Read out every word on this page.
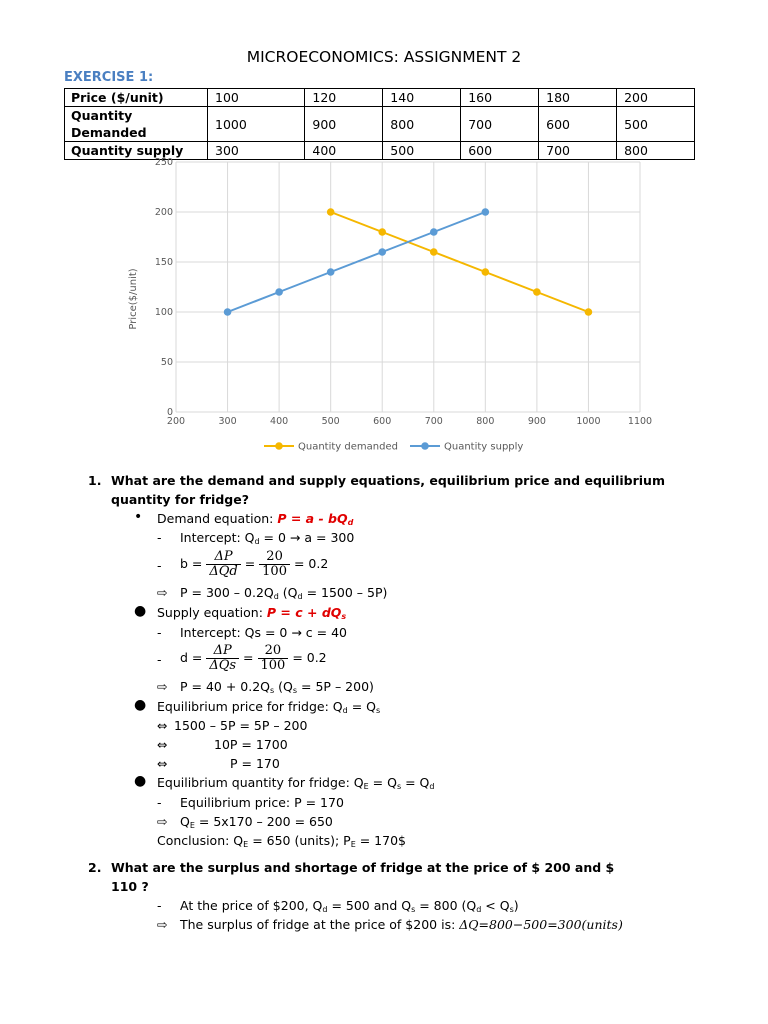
MICROECONOMICS: ASSIGNMENT 2
EXERCISE 1:
Price ($/unit)	100	120	140	160	180	200
Quantity Demanded	1000	900	800	700	600	500
Quantity supply	300	400	500	600	700	800
0
50
100
150
200
250
200	300	400	500	600	700	800	900	1000	1100
Price($/unit)
Quantity demanded	Quantity supply
1. What are the demand and supply equations, equilibrium price and equilibrium quantity for fridge?
• Demand equation: $P = a - bQ_d$
- Intercept: $Q_d = 0 \to a = 300$
- $b = \frac{\Delta P}{\text{ΔQd}} = \frac{20}{100} = 0.2$
⇨ $P = 300 - 0.2Q_d$ $(Q_d = 1500 - 5P)$
● Supply equation: $P = c + dQ_s$
- Intercept: Qs = 0 → c = 40
- $d = \frac{\Delta P}{\text{ΔQs}} = \frac{20}{100} = 0.2$
⇨ $P = 40 + 0.2Q_s$ $(Q_s = 5P - 200)$
● Equilibrium price for fridge: $Q_d = Q_s$
⇔ 1500 – 5P = 5P – 200
⇔	10P = 1700
⇔	P = 170
● Equilibrium quantity for fridge: $Q_E = Q_s = Q_d$
- Equilibrium price: P = 170
⇨ $Q_E = 5x170 - 200 = 650$
Conclusion: $Q_E = 650$ (units); $P_E$ = 170$
2. What are the surplus and shortage of fridge at the price of $ 200 and $
110 ?
- At the price of $200, $Q_d = 500$ and $Q_s = 800$ $(Q_d < Q_s)$
⇨ The surplus of fridge at the price of $200 is: ΔQ=800−500=300(units)
